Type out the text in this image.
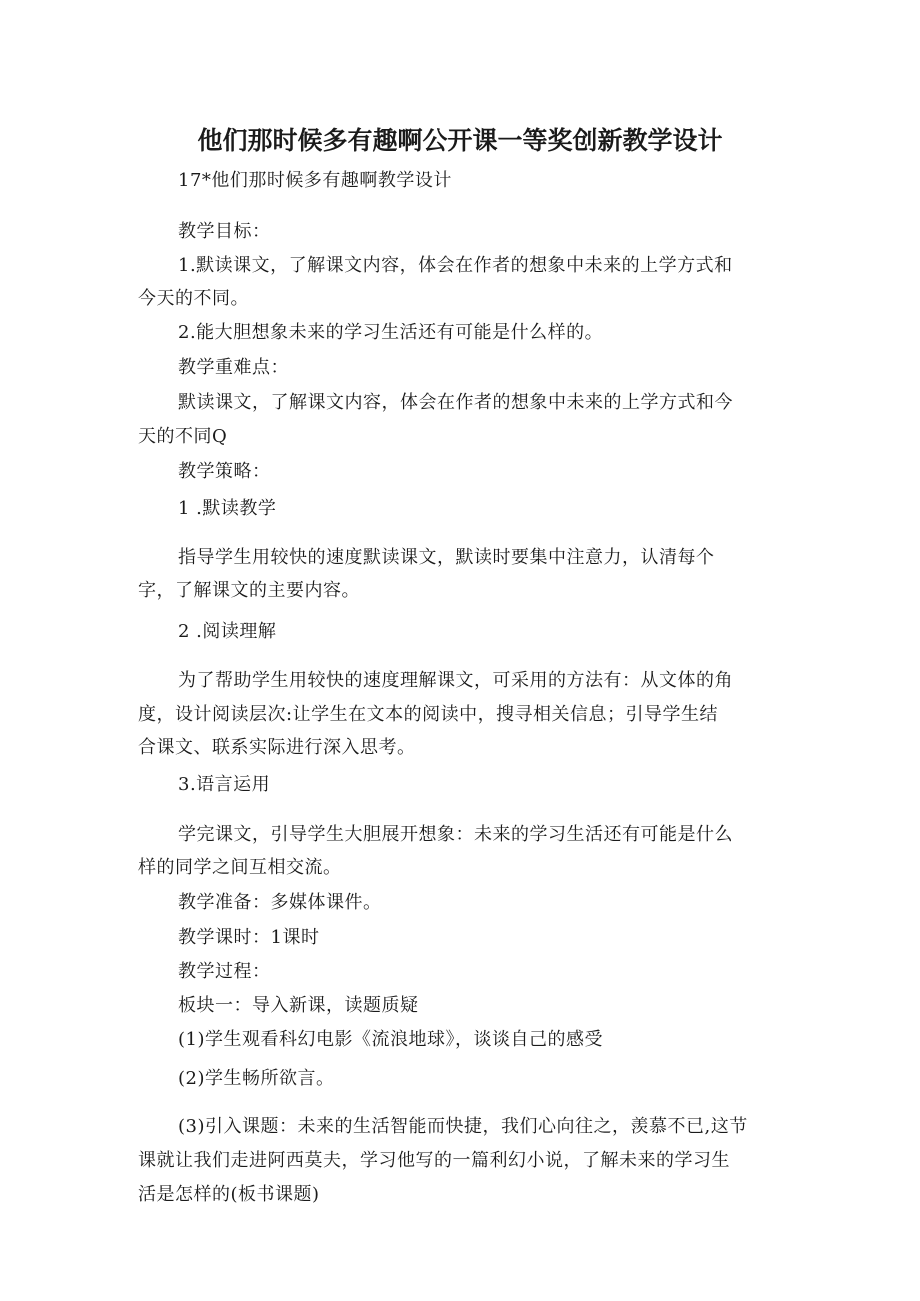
他们那时候多有趣啊公开课一等奖创新教学设计
17*他们那时候多有趣啊教学设计
教学目标：
1.默读课文，了解课文内容，体会在作者的想象中未来的上学方式和
今天的不同。
2.能大胆想象未来的学习生活还有可能是什么样的。
教学重难点：
默读课文，了解课文内容，体会在作者的想象中未来的上学方式和今
天的不同Q
教学策略：
1 .默读教学
指导学生用较快的速度默读课文，默读时要集中注意力，认清每个
字，了解课文的主要内容。
2 .阅读理解
为了帮助学生用较快的速度理解课文，可采用的方法有：从文体的角
度，设计阅读层次:让学生在文本的阅读中，搜寻相关信息；引导学生结
合课文、联系实际进行深入思考。
3.语言运用
学完课文，引导学生大胆展开想象：未来的学习生活还有可能是什么
样的同学之间互相交流。
教学准备：多媒体课件。
教学课时：1课时
教学过程：
板块一：导入新课，读题质疑
(1)学生观看科幻电影《流浪地球》，谈谈自己的感受
(2)学生畅所欲言。
(3)引入课题：未来的生活智能而快捷，我们心向往之，羡慕不已,这节
课就让我们走进阿西莫夫，学习他写的一篇利幻小说，了解未来的学习生
活是怎样的(板书课题)
